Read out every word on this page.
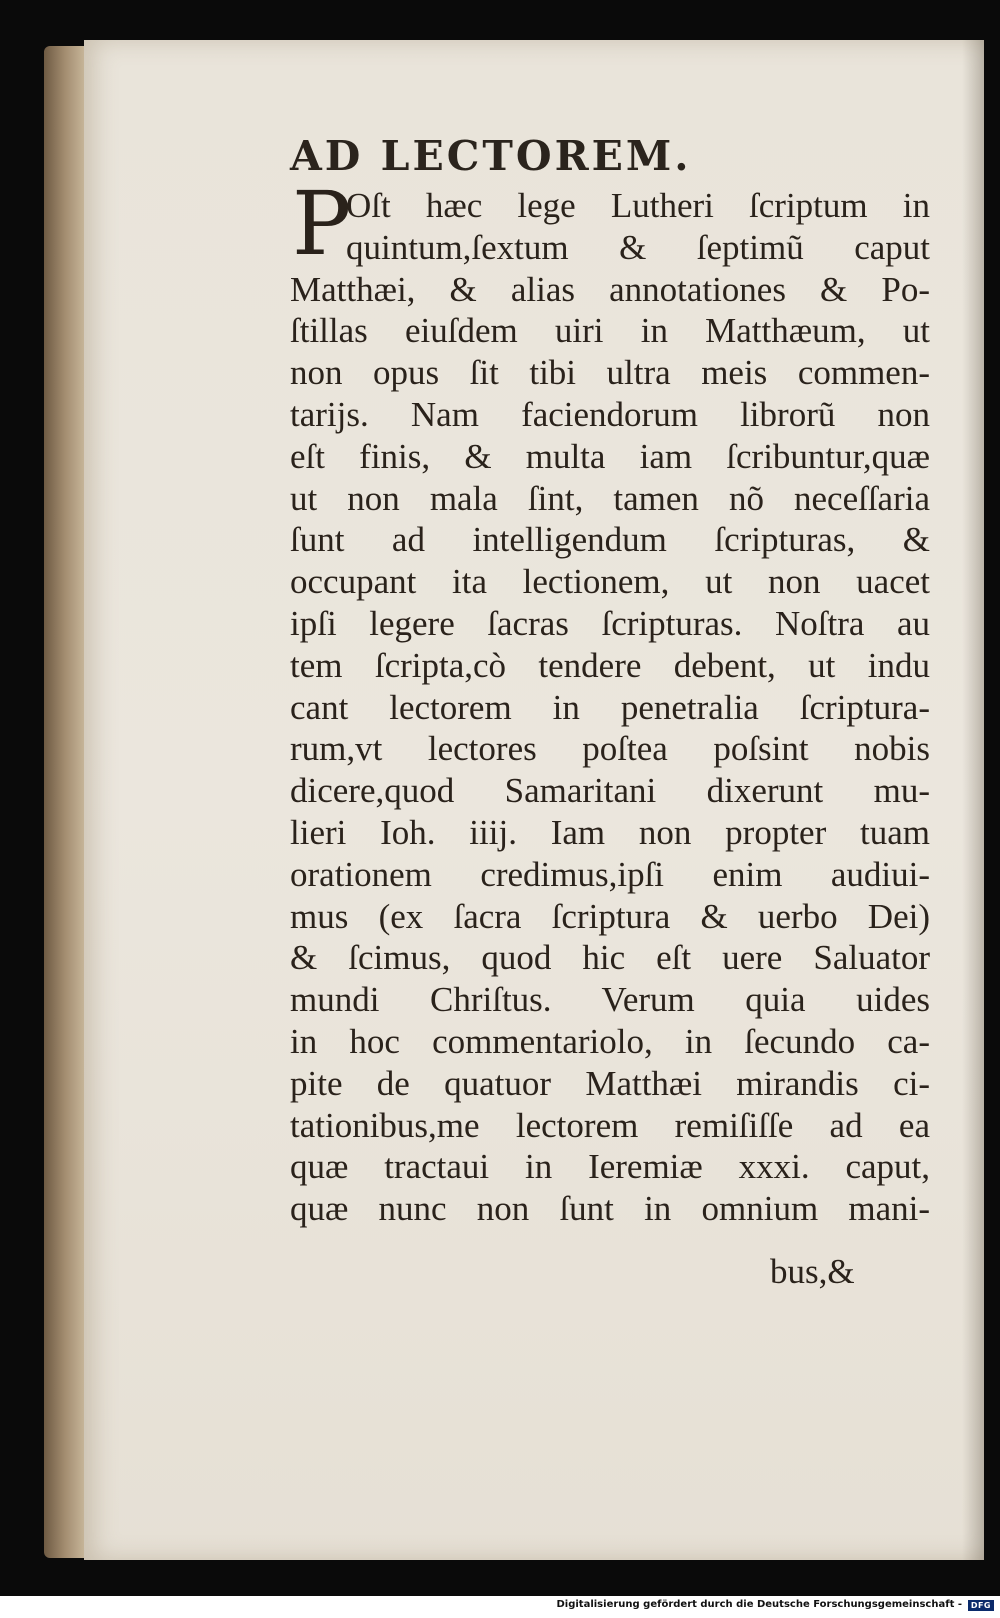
AD LECTOREM.
P
Oſt hæc lege Lutheri ſcriptum in
quintum,ſextum & ſeptimũ caput
Matthæi, & alias annotationes & Po-
ſtillas eiuſdem uiri in Matthæum, ut
non opus ſit tibi ultra meis commen-
tarijs. Nam faciendorum librorũ non
eſt finis, & multa iam ſcribuntur,quæ
ut non mala ſint, tamen nõ neceſſaria
ſunt ad intelligendum ſcripturas, &
occupant ita lectionem, ut non uacet
ipſi legere ſacras ſcripturas. Noſtra au
tem ſcripta,cò tendere debent, ut indu
cant lectorem in penetralia ſcriptura-
rum,vt lectores poſtea poſsint nobis
dicere,quod Samaritani dixerunt mu-
lieri Ioh. iiij. Iam non propter tuam
orationem credimus,ipſi enim audiui-
mus (ex ſacra ſcriptura & uerbo Dei)
& ſcimus, quod hic eſt uere Saluator
mundi Chriſtus. Verum quia uides
in hoc commentariolo, in ſecundo ca-
pite de quatuor Matthæi mirandis ci-
tationibus,me lectorem remiſiſſe ad ea
quæ tractaui in Ieremiæ xxxi. caput,
quæ nunc non ſunt in omnium mani-
bus,&
Digitalisierung gefördert durch die Deutsche Forschungsgemeinschaft -	DFG
